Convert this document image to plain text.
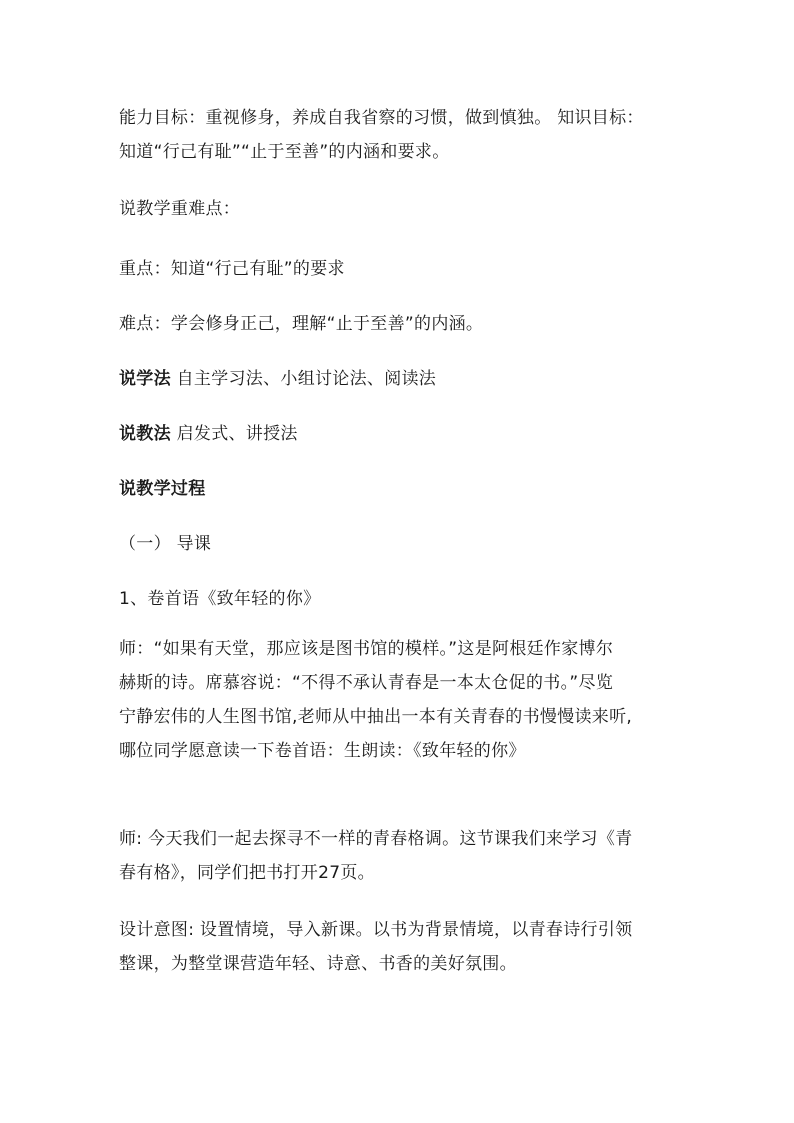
能力目标：重视修身，养成自我省察的习惯，做到慎独。 知识目标：
知道“行己有耻”“止于至善”的内涵和要求。
说教学重难点：
重点：知道“行己有耻”的要求
难点：学会修身正己，理解“止于至善”的内涵。
说学法 自主学习法、小组讨论法、阅读法
说教法 启发式、讲授法
说教学过程
（一） 导课
1、卷首语《致年轻的你》
师：“如果有天堂，那应该是图书馆的模样。”这是阿根廷作家博尔
赫斯的诗。席慕容说：“不得不承认青春是一本太仓促的书。”尽览
宁静宏伟的人生图书馆,老师从中抽出一本有关青春的书慢慢读来听,
哪位同学愿意读一下卷首语：生朗读：《致年轻的你》
师: 今天我们一起去探寻不一样的青春格调。这节课我们来学习《青
春有格》，同学们把书打开27页。
设计意图: 设置情境，导入新课。以书为背景情境，以青春诗行引领
整课，为整堂课营造年轻、诗意、书香的美好氛围。
